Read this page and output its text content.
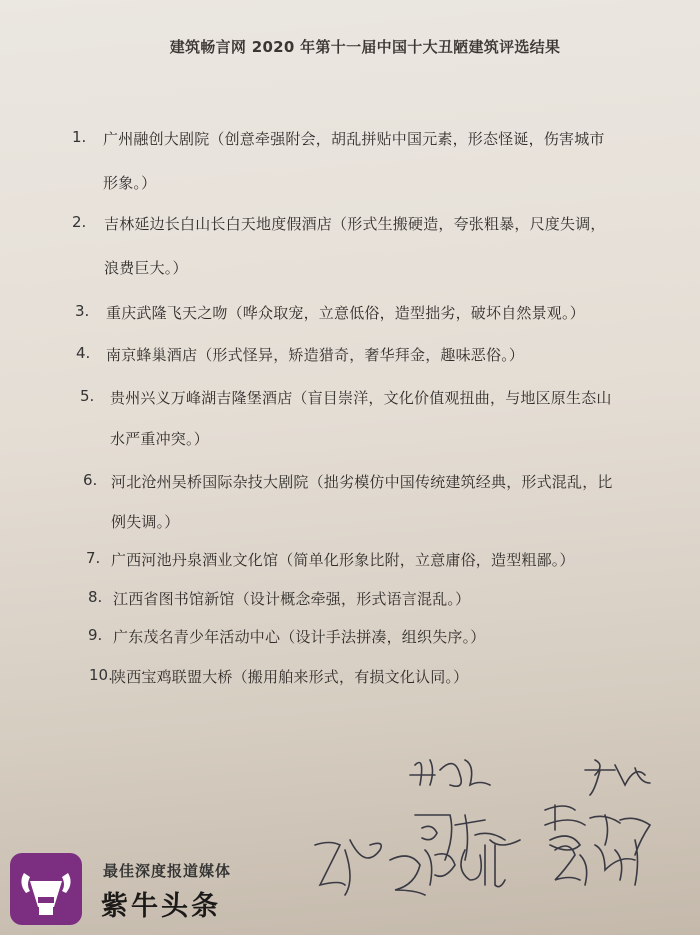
建筑畅言网 2020 年第十一届中国十大丑陋建筑评选结果
1. 广州融创大剧院（创意牵强附会，胡乱拼贴中国元素，形态怪诞，伤害城市
形象。）
2. 吉林延边长白山长白天地度假酒店（形式生搬硬造，夸张粗暴，尺度失调，
浪费巨大。）
3. 重庆武隆飞天之吻（哗众取宠，立意低俗，造型拙劣，破坏自然景观。）
4. 南京蜂巢酒店（形式怪异，矫造猎奇，奢华拜金，趣味恶俗。）
5. 贵州兴义万峰湖吉隆堡酒店（盲目崇洋，文化价值观扭曲，与地区原生态山
水严重冲突。）
6. 河北沧州吴桥国际杂技大剧院（拙劣模仿中国传统建筑经典，形式混乱，比
例失调。）
7. 广西河池丹泉酒业文化馆（简单化形象比附，立意庸俗，造型粗鄙。）
8. 江西省图书馆新馆（设计概念牵强，形式语言混乱。）
9. 广东茂名青少年活动中心（设计手法拼凑，组织失序。）
10.
陕西宝鸡联盟大桥（搬用舶来形式，有损文化认同。）
最佳深度报道媒体
紫牛头条
